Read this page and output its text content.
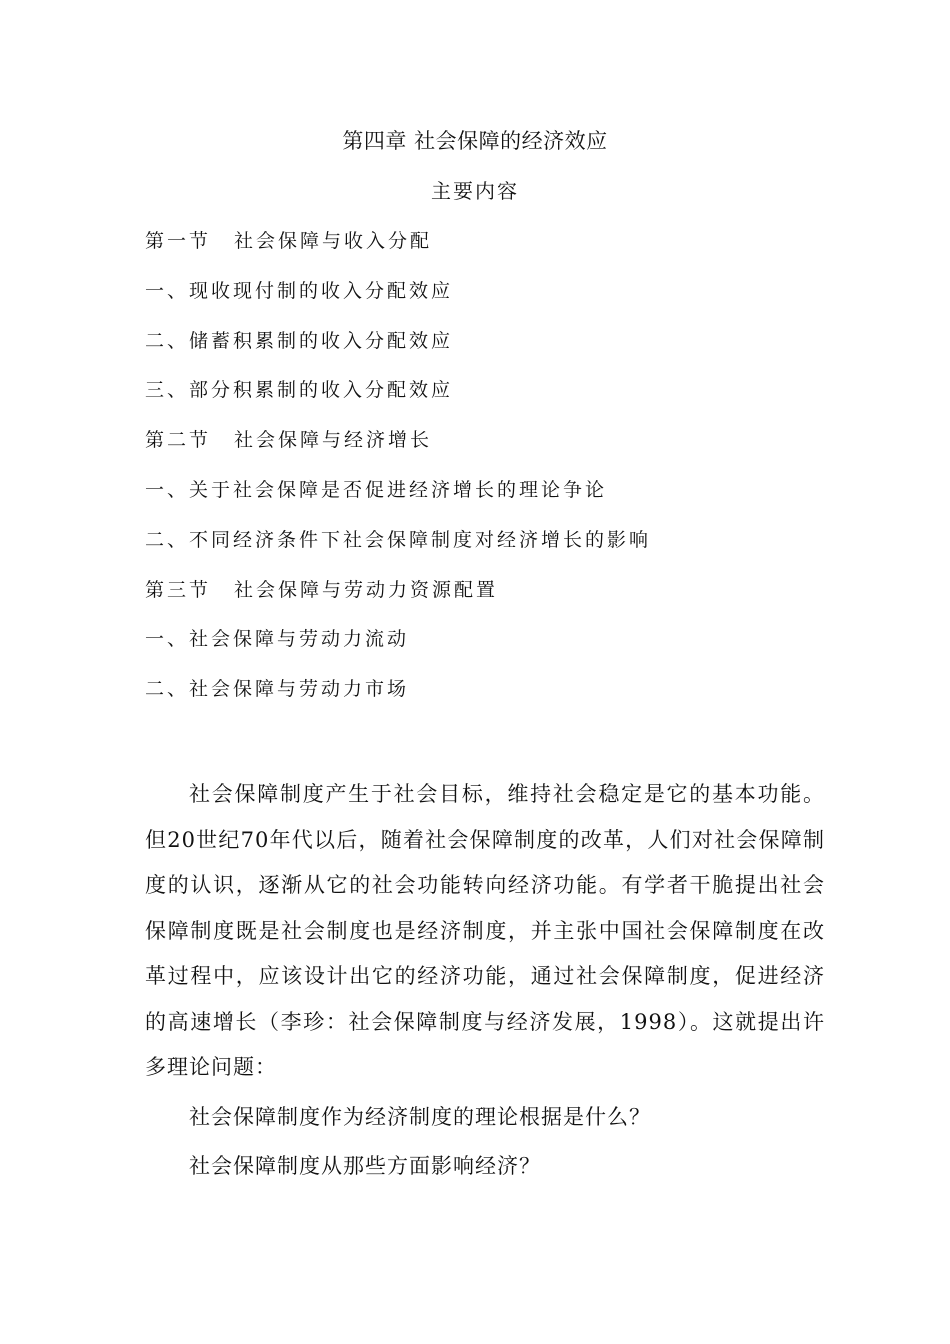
第四章 社会保障的经济效应
主要内容
第一节 社会保障与收入分配
一、现收现付制的收入分配效应
二、储蓄积累制的收入分配效应
三、部分积累制的收入分配效应
第二节 社会保障与经济增长
一、关于社会保障是否促进经济增长的理论争论
二、不同经济条件下社会保障制度对经济增长的影响
第三节 社会保障与劳动力资源配置
一、社会保障与劳动力流动
二、社会保障与劳动力市场

社会保障制度产生于社会目标，维持社会稳定是它的基本功能。但20世纪70年代以后，随着社会保障制度的改革，人们对社会保障制度的认识，逐渐从它的社会功能转向经济功能。有学者干脆提出社会保障制度既是社会制度也是经济制度，并主张中国社会保障制度在改革过程中，应该设计出它的经济功能，通过社会保障制度，促进经济的高速增长（李珍：社会保障制度与经济发展，1998）。这就提出许多理论问题：

社会保障制度作为经济制度的理论根据是什么？

社会保障制度从那些方面影响经济？
